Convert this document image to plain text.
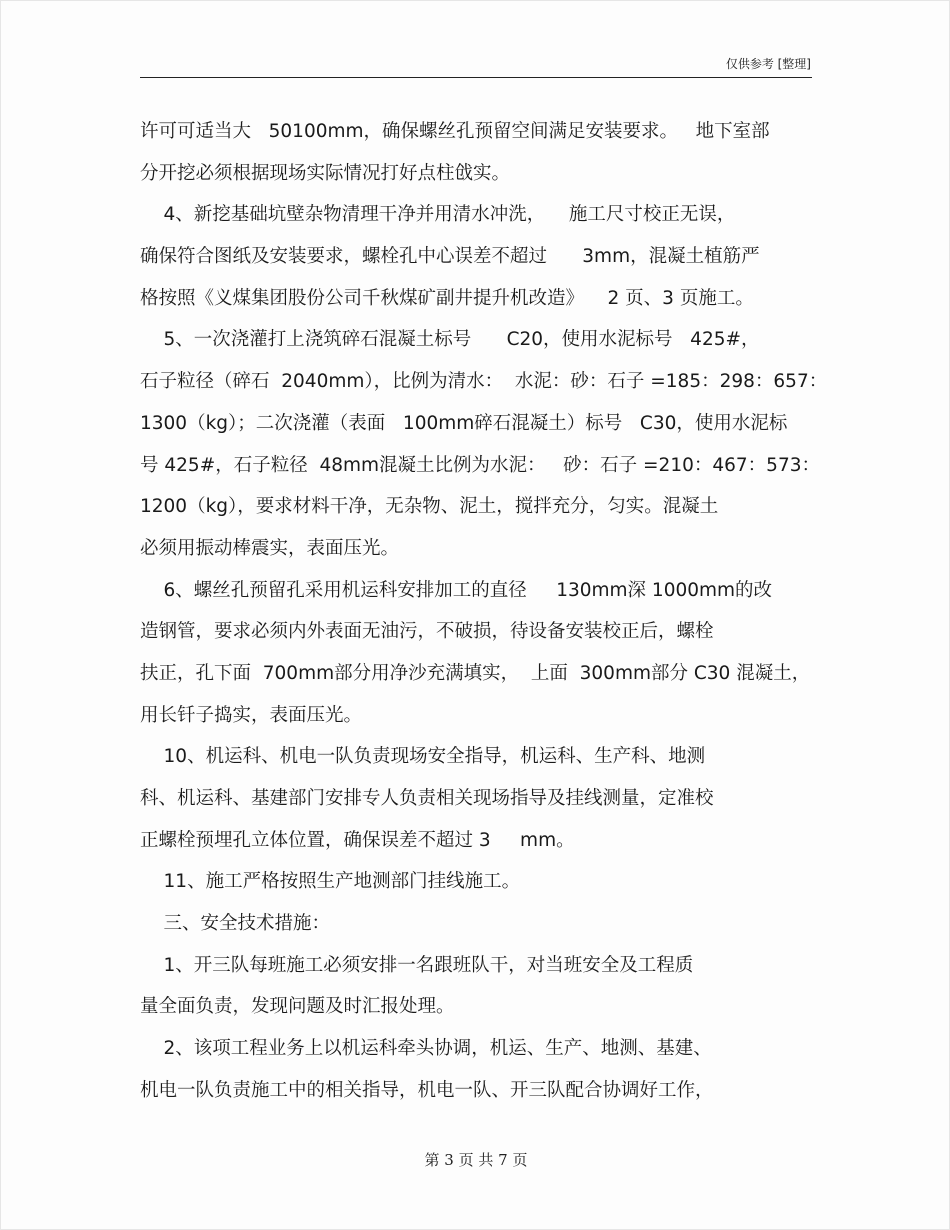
仅供参考 [整理]
许可可适当大   50100mm，确保螺丝孔预留空间满足安装要求。   地下室部
分开挖必须根据现场实际情况打好点柱戗实。
4、新挖基础坑壁杂物清理干净并用清水冲洗，    施工尺寸校正无误，
确保符合图纸及安装要求，螺栓孔中心误差不超过      3mm，混凝土植筋严
格按照《义煤集团股份公司千秋煤矿副井提升机改造》    2 页、3 页施工。
5、一次浇灌打上浇筑碎石混凝土标号      C20，使用水泥标号   425#，
石子粒径（碎石  2040mm），比例为清水：  水泥：砂：石子 =185：298：657：
1300（kg）；二次浇灌（表面   100mm碎石混凝土）标号   C30，使用水泥标
号 425#，石子粒径  48mm混凝土比例为水泥：   砂：石子 =210：467：573：
1200（kg），要求材料干净，无杂物、泥土，搅拌充分，匀实。混凝土
必须用振动棒震实，表面压光。
6、螺丝孔预留孔采用机运科安排加工的直径     130mm深 1000mm的改
造钢管，要求必须内外表面无油污，不破损，待设备安装校正后，螺栓
扶正，孔下面  700mm部分用净沙充满填实，  上面  300mm部分 C30 混凝土，
用长钎子捣实，表面压光。
10、机运科、机电一队负责现场安全指导，机运科、生产科、地测
科、机运科、基建部门安排专人负责相关现场指导及挂线测量，定准校
正螺栓预埋孔立体位置，确保误差不超过 3     mm。
11、施工严格按照生产地测部门挂线施工。
三、安全技术措施：
1、开三队每班施工必须安排一名跟班队干，对当班安全及工程质
量全面负责，发现问题及时汇报处理。
2、该项工程业务上以机运科牵头协调，机运、生产、地测、基建、
机电一队负责施工中的相关指导，机电一队、开三队配合协调好工作，
第 3 页 共 7 页
